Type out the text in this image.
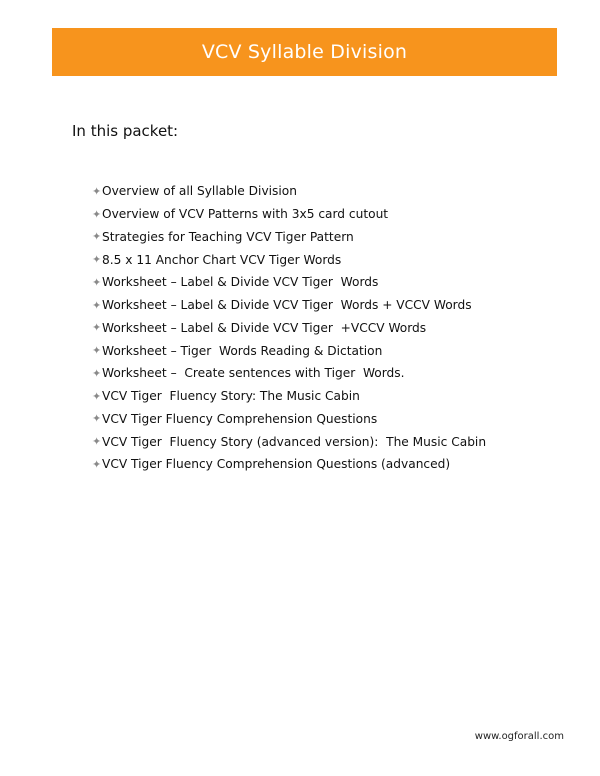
VCV Syllable Division
In this packet:
✦ Overview of all Syllable Division
✦ Overview of VCV Patterns with 3x5 card cutout
✦ Strategies for Teaching VCV Tiger Pattern
✦ 8.5 x 11 Anchor Chart VCV Tiger Words
✦ Worksheet – Label & Divide VCV Tiger  Words
✦ Worksheet – Label & Divide VCV Tiger  Words + VCCV Words
✦ Worksheet – Label & Divide VCV Tiger  +VCCV Words
✦ Worksheet – Tiger  Words Reading & Dictation
✦ Worksheet –  Create sentences with Tiger  Words.
✦ VCV Tiger  Fluency Story: The Music Cabin
✦ VCV Tiger Fluency Comprehension Questions
✦ VCV Tiger  Fluency Story (advanced version):  The Music Cabin
✦ VCV Tiger Fluency Comprehension Questions (advanced)
www.ogforall.com
